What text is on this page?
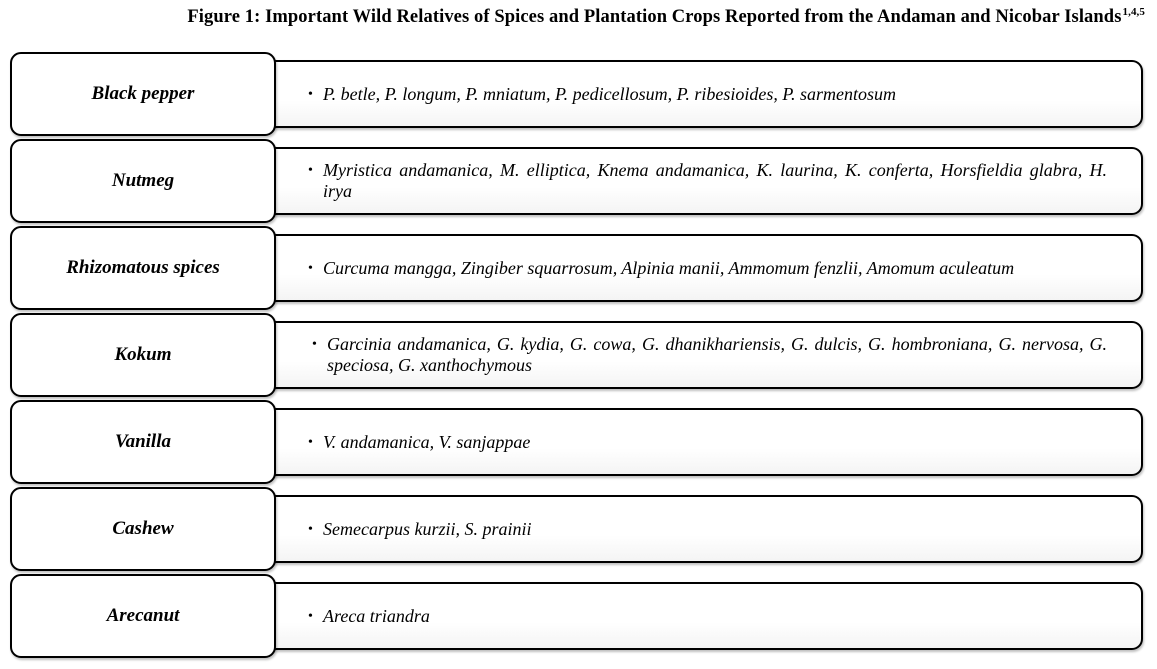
Figure 1: Important Wild Relatives of Spices and Plantation Crops Reported from the Andaman and Nicobar Islands$^{1,4,5}$
Black pepper	• P. betle, P. longum, P. mniatum, P. pedicellosum, P. ribesioides, P. sarmentosum
Nutmeg	• Myristica andamanica, M. elliptica, Knema andamanica, K. laurina, K. conferta, Horsfieldia glabra, H. irya
Rhizomatous spices	• Curcuma mangga, Zingiber squarrosum, Alpinia manii, Ammomum fenzlii, Amomum aculeatum
Kokum	• Garcinia andamanica, G. kydia, G. cowa, G. dhanikhariensis, G. dulcis, G. hombroniana, G. nervosa, G. speciosa, G. xanthochymous
Vanilla	• V. andamanica, V. sanjappae
Cashew	• Semecarpus kurzii, S. prainii
Arecanut	• Areca triandra
